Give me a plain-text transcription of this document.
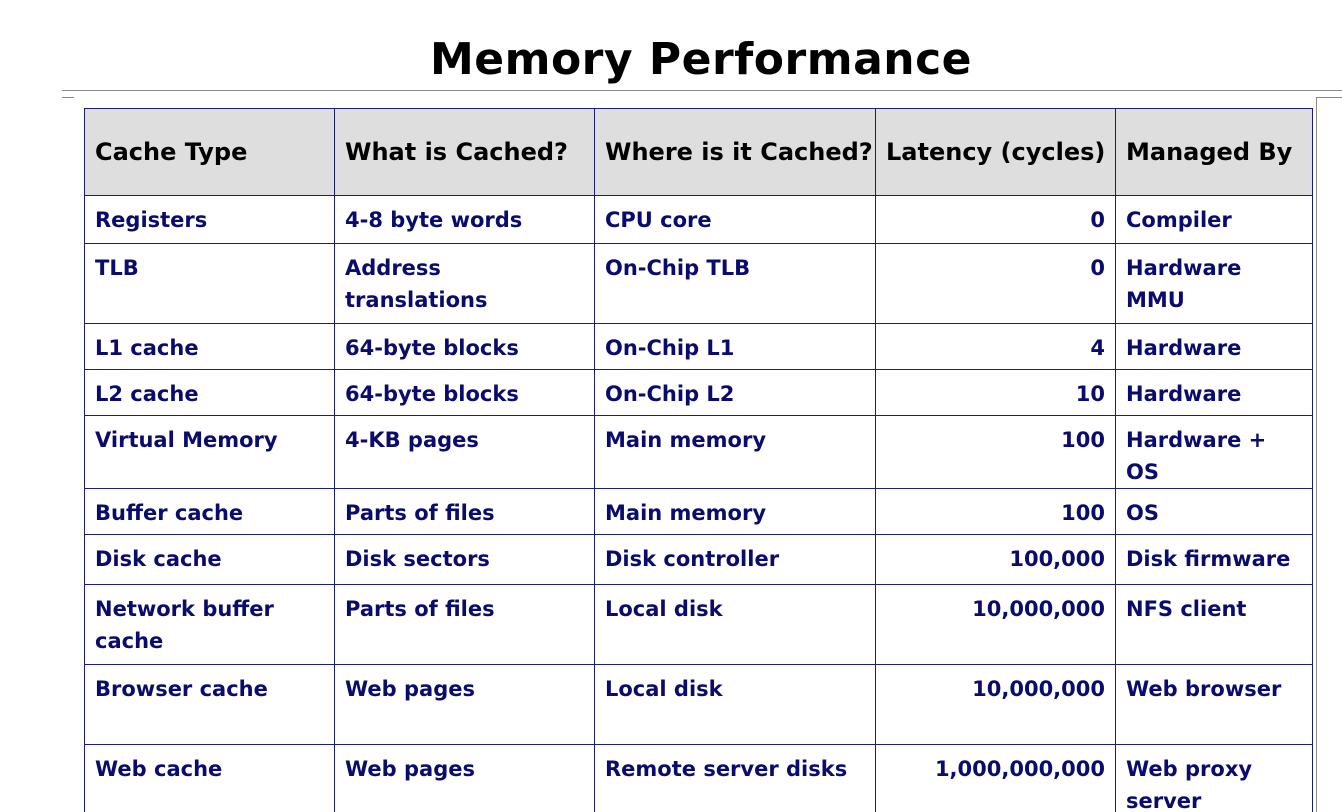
Memory Performance
Cache Type	What is Cached?	Where is it Cached?	Latency (cycles)	Managed By
Registers	4-8 byte words	CPU core	0	Compiler
TLB	Address translations	On-Chip TLB	0	Hardware MMU
L1 cache	64-byte blocks	On-Chip L1	4	Hardware
L2 cache	64-byte blocks	On-Chip L2	10	Hardware
Virtual Memory	4-KB pages	Main memory	100	Hardware + OS
Buffer cache	Parts of files	Main memory	100	OS
Disk cache	Disk sectors	Disk controller	100,000	Disk firmware
Network buffer cache	Parts of files	Local disk	10,000,000	NFS client
Browser cache	Web pages	Local disk	10,000,000	Web browser
Web cache	Web pages	Remote server disks	1,000,000,000	Web proxy server
